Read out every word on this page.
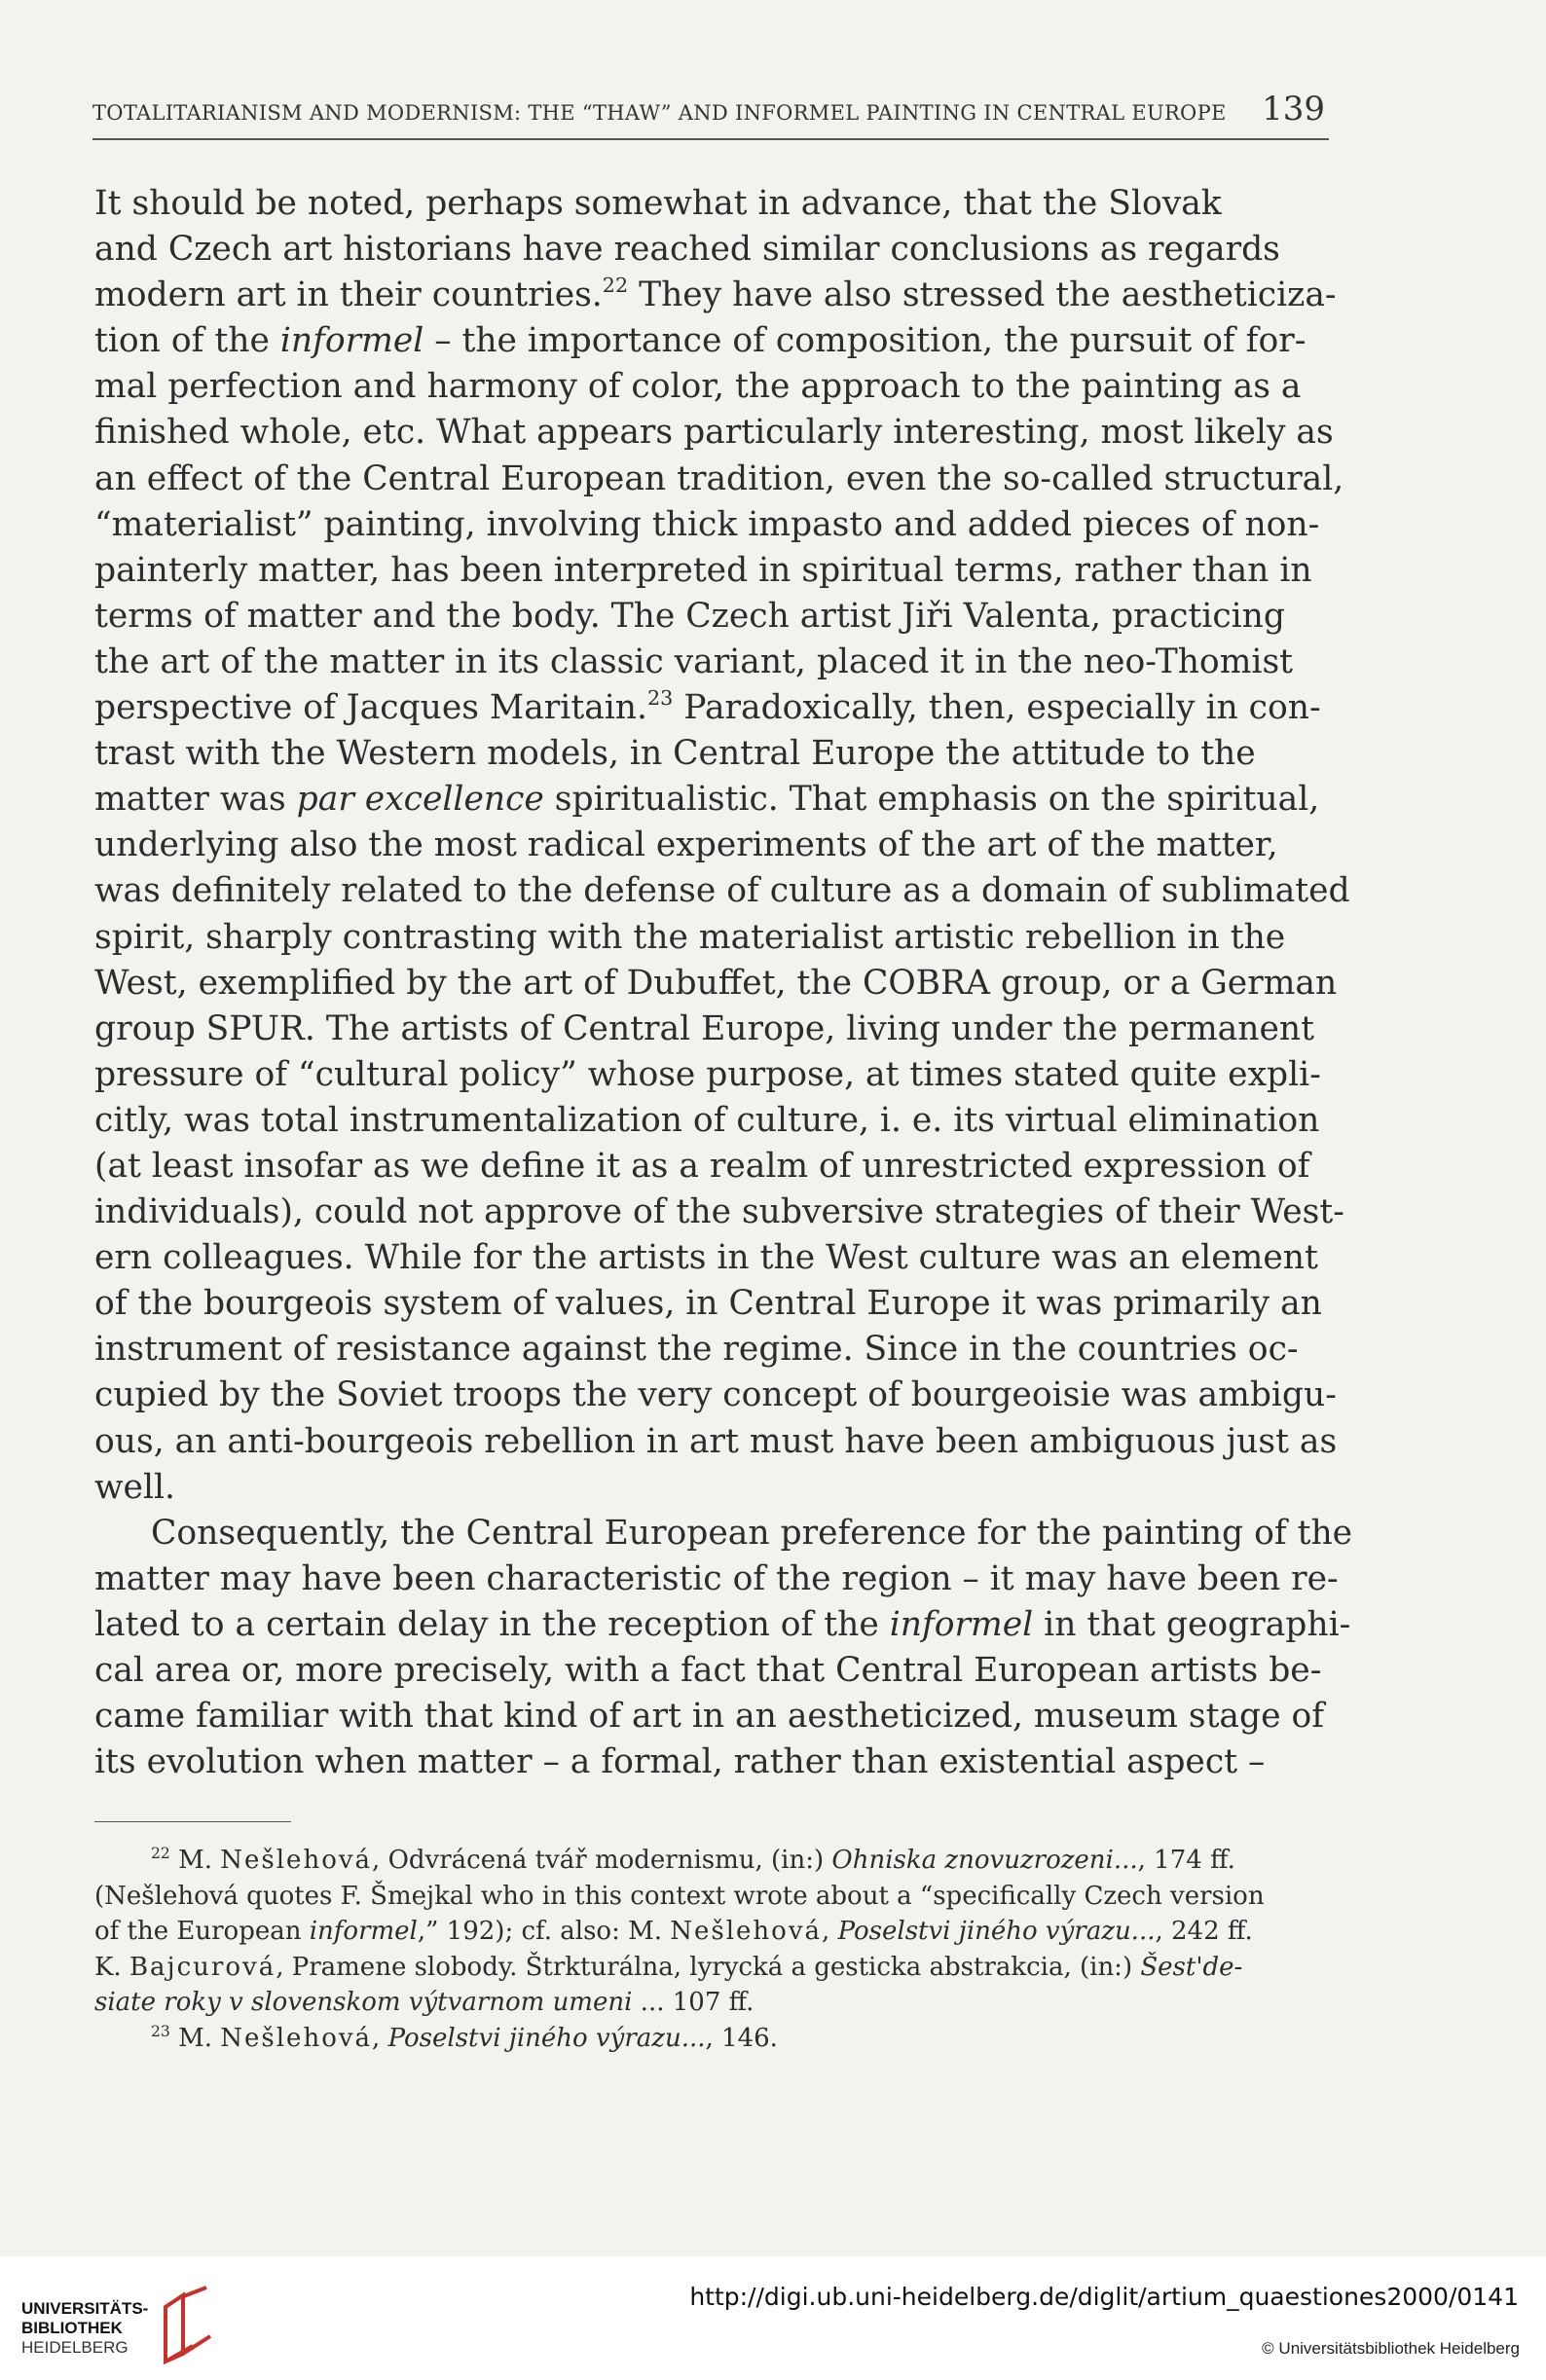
TOTALITARIANISM AND MODERNISM: THE “THAW” AND INFORMEL PAINTING IN CENTRAL EUROPE 139
It should be noted, perhaps somewhat in advance, that the Slovak
and Czech art historians have reached similar conclusions as regards
modern art in their countries.$^{22}$ They have also stressed the aestheticiza-
tion of the informel – the importance of composition, the pursuit of for-
mal perfection and harmony of color, the approach to the painting as a
finished whole, etc. What appears particularly interesting, most likely as
an effect of the Central European tradition, even the so-called structural,
“materialist” painting, involving thick impasto and added pieces of non-
painterly matter, has been interpreted in spiritual terms, rather than in
terms of matter and the body. The Czech artist Jiři Valenta, practicing
the art of the matter in its classic variant, placed it in the neo-Thomist
perspective of Jacques Maritain.$^{23}$ Paradoxically, then, especially in con-
trast with the Western models, in Central Europe the attitude to the
matter was par excellence spiritualistic. That emphasis on the spiritual,
underlying also the most radical experiments of the art of the matter,
was definitely related to the defense of culture as a domain of sublimated
spirit, sharply contrasting with the materialist artistic rebellion in the
West, exemplified by the art of Dubuffet, the COBRA group, or a German
group SPUR. The artists of Central Europe, living under the permanent
pressure of “cultural policy” whose purpose, at times stated quite expli-
citly, was total instrumentalization of culture, i. e. its virtual elimination
(at least insofar as we define it as a realm of unrestricted expression of
individuals), could not approve of the subversive strategies of their West-
ern colleagues. While for the artists in the West culture was an element
of the bourgeois system of values, in Central Europe it was primarily an
instrument of resistance against the regime. Since in the countries oc-
cupied by the Soviet troops the very concept of bourgeoisie was ambigu-
ous, an anti-bourgeois rebellion in art must have been ambiguous just as
well.
Consequently, the Central European preference for the painting of the
matter may have been characteristic of the region – it may have been re-
lated to a certain delay in the reception of the informel in that geographi-
cal area or, more precisely, with a fact that Central European artists be-
came familiar with that kind of art in an aestheticized, museum stage of
its evolution when matter – a formal, rather than existential aspect –
$^{22}$ M. Nešlehová, Odvrácená tvář modernismu, (in:) Ohniska znovuzrozeni..., 174 ff.
(Nešlehová quotes F. Šmejkal who in this context wrote about a “specifically Czech version
of the European informel,” 192); cf. also: M. Nešlehová, Poselstvi jiného výrazu..., 242 ff.
K. Bajcurová, Pramene slobody. Štrkturálna, lyrycká a gesticka abstrakcia, (in:) Šest'de-
siate roky v slovenskom výtvarnom umeni ... 107 ff.
$^{23}$ M. Nešlehová, Poselstvi jiného výrazu..., 146.
UNIVERSITÄTS-
BIBLIOTHEK
HEIDELBERG
http://digi.ub.uni-heidelberg.de/diglit/artium_quaestiones2000/0141
© Universitätsbibliothek Heidelberg
